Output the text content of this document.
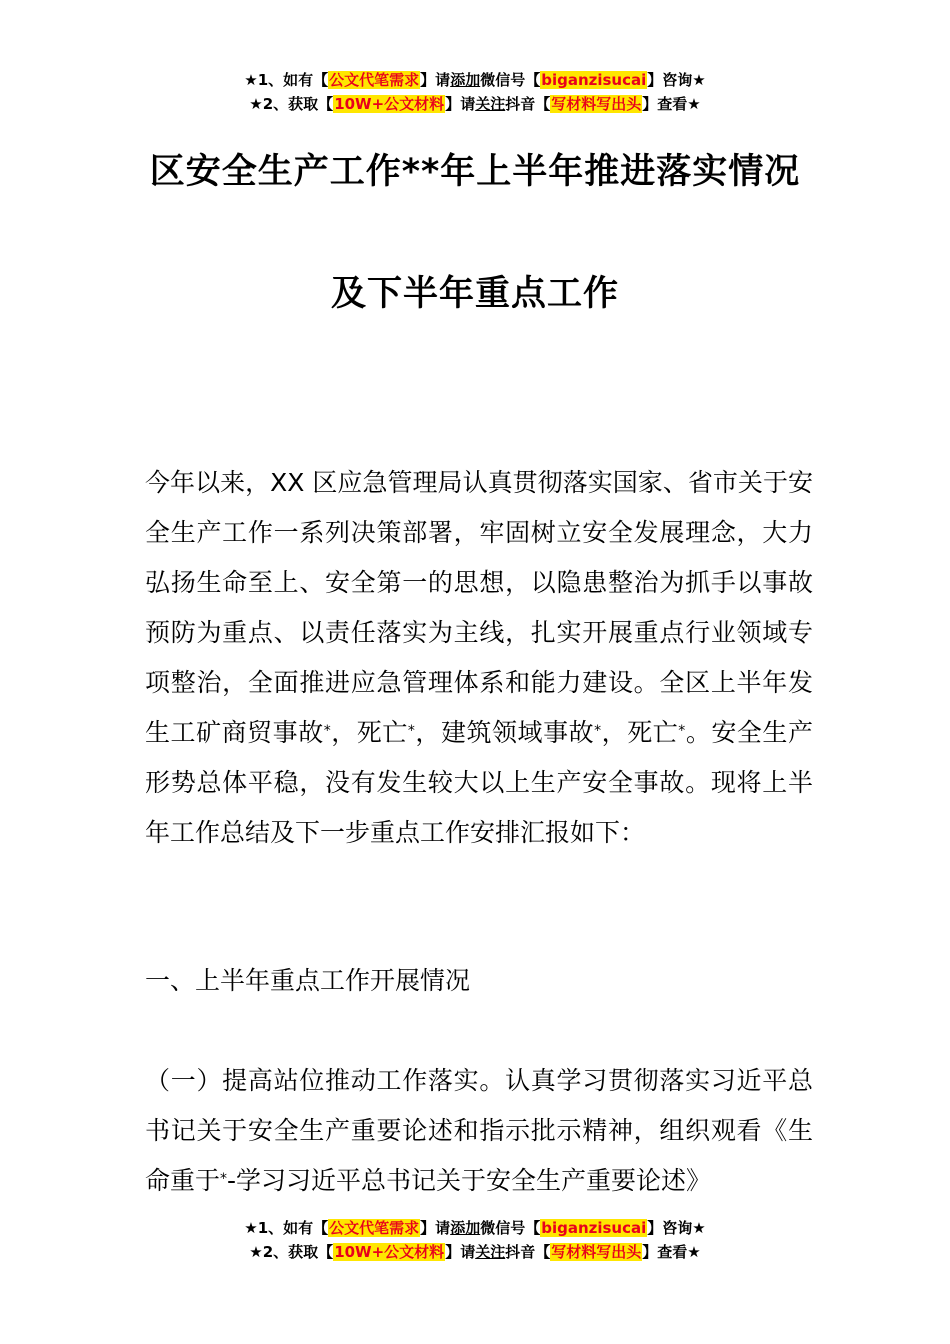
★1、如有【公文代笔需求】请添加微信号【biganzisucai】咨询★
★2、获取【10W+公文材料】请关注抖音【写材料写出头】查看★
区安全生产工作**年上半年推进落实情况
及下半年重点工作
今年以来，XX 区应急管理局认真贯彻落实国家、省市关于安全生产工作一系列决策部署，牢固树立安全发展理念，大力弘扬生命至上、安全第一的思想，以隐患整治为抓手以事故预防为重点、以责任落实为主线，扎实开展重点行业领域专项整治，全面推进应急管理体系和能力建设。全区上半年发生工矿商贸事故*，死亡*，建筑领域事故*，死亡*。安全生产形势总体平稳，没有发生较大以上生产安全事故。现将上半年工作总结及下一步重点工作安排汇报如下：
一、上半年重点工作开展情况
（一）提高站位推动工作落实。认真学习贯彻落实习近平总书记关于安全生产重要论述和指示批示精神，组织观看《生命重于*-学习习近平总书记关于安全生产重要论述》
★1、如有【公文代笔需求】请添加微信号【biganzisucai】咨询★
★2、获取【10W+公文材料】请关注抖音【写材料写出头】查看★
